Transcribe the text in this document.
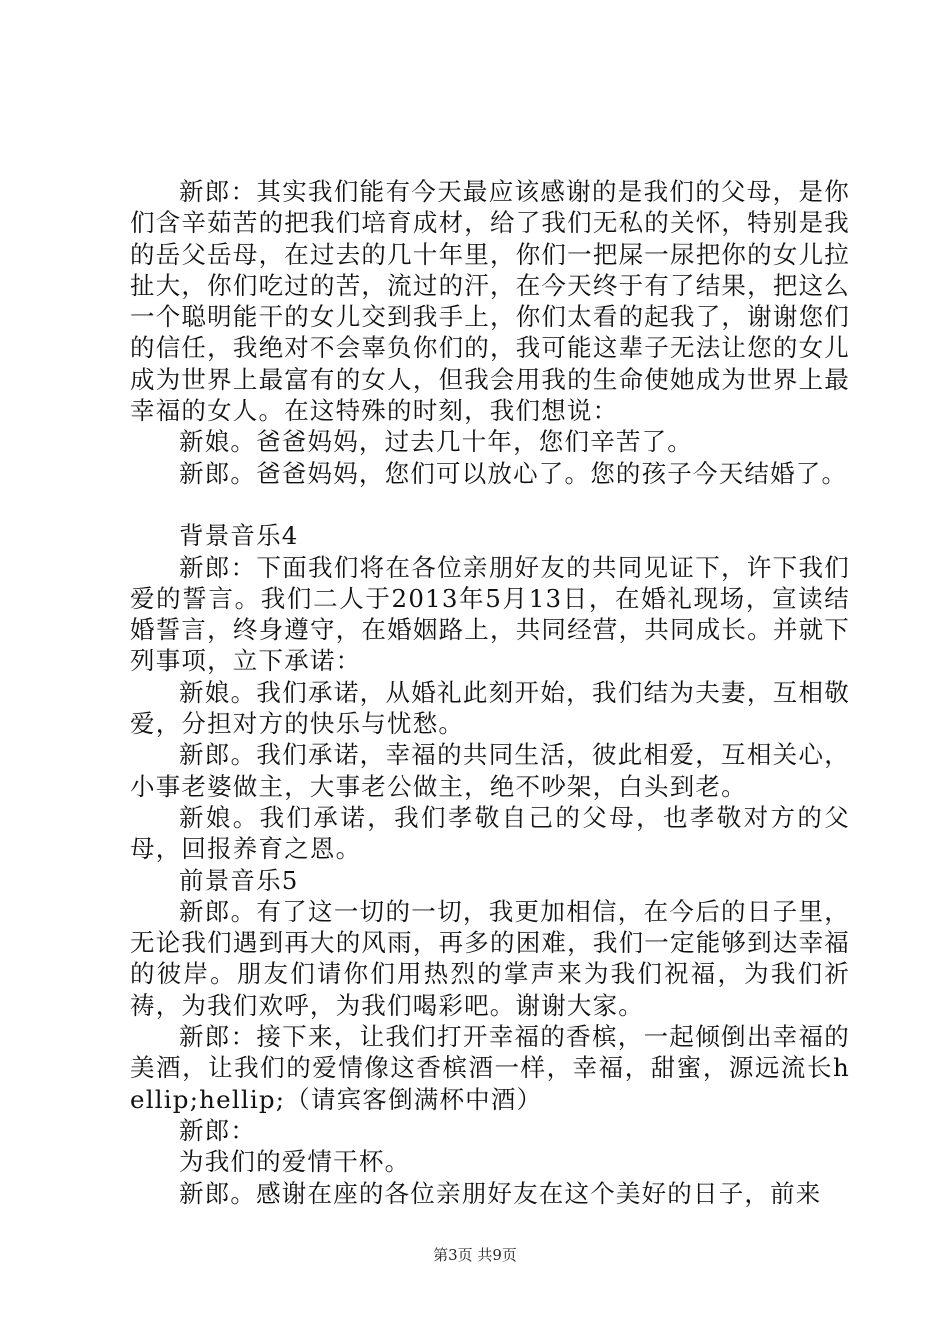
新郎：其实我们能有今天最应该感谢的是我们的父母，是你们含辛茹苦的把我们培育成材，给了我们无私的关怀，特别是我的岳父岳母，在过去的几十年里，你们一把屎一尿把你的女儿拉扯大，你们吃过的苦，流过的汗，在今天终于有了结果，把这么一个聪明能干的女儿交到我手上，你们太看的起我了，谢谢您们的信任，我绝对不会辜负你们的，我可能这辈子无法让您的女儿成为世界上最富有的女人，但我会用我的生命使她成为世界上最幸福的女人。在这特殊的时刻，我们想说：

新娘。爸爸妈妈，过去几十年，您们辛苦了。

新郎。爸爸妈妈，您们可以放心了。您的孩子今天结婚了。

背景音乐4

新郎：下面我们将在各位亲朋好友的共同见证下，许下我们爱的誓言。我们二人于2013年5月13日，在婚礼现场，宣读结婚誓言，终身遵守，在婚姻路上，共同经营，共同成长。并就下列事项，立下承诺：

新娘。我们承诺，从婚礼此刻开始，我们结为夫妻，互相敬爱，分担对方的快乐与忧愁。

新郎。我们承诺，幸福的共同生活，彼此相爱，互相关心，小事老婆做主，大事老公做主，绝不吵架，白头到老。

新娘。我们承诺，我们孝敬自己的父母，也孝敬对方的父母，回报养育之恩。

前景音乐5

新郎。有了这一切的一切，我更加相信，在今后的日子里，无论我们遇到再大的风雨，再多的困难，我们一定能够到达幸福的彼岸。朋友们请你们用热烈的掌声来为我们祝福，为我们祈祷，为我们欢呼，为我们喝彩吧。谢谢大家。

新郎：接下来，让我们打开幸福的香槟，一起倾倒出幸福的美酒，让我们的爱情像这香槟酒一样，幸福，甜蜜，源远流长hellip;hellip;（请宾客倒满杯中酒）

新郎：

为我们的爱情干杯。

新郎。感谢在座的各位亲朋好友在这个美好的日子，前来

第3页 共9页
